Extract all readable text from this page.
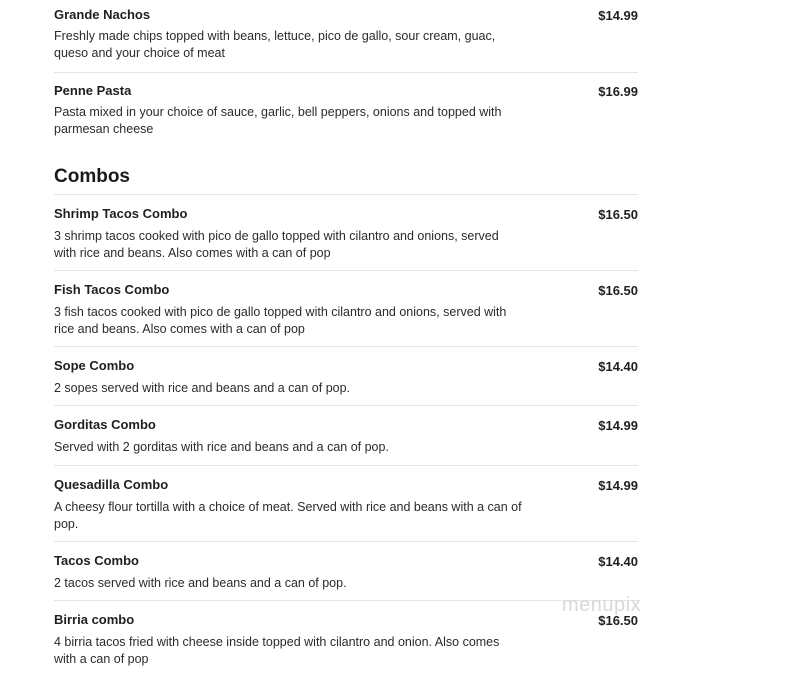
Grande Nachos	$14.99
Freshly made chips topped with beans, lettuce, pico de gallo, sour cream, guac, queso and your choice of meat
Penne Pasta	$16.99
Pasta mixed in your choice of sauce, garlic, bell peppers, onions and topped with parmesan cheese
Combos
Shrimp Tacos Combo	$16.50
3 shrimp tacos cooked with pico de gallo topped with cilantro and onions, served with rice and beans. Also comes with a can of pop
Fish Tacos Combo	$16.50
3 fish tacos cooked with pico de gallo topped with cilantro and onions, served with rice and beans. Also comes with a can of pop
Sope Combo	$14.40
2 sopes served with rice and beans and a can of pop.
Gorditas Combo	$14.99
Served with 2 gorditas with rice and beans and a can of pop.
Quesadilla Combo	$14.99
A cheesy flour tortilla with a choice of meat. Served with rice and beans with a can of pop.
Tacos Combo	$14.40
2 tacos served with rice and beans and a can of pop.
Birria combo	$16.50
4 birria tacos fried with cheese inside topped with cilantro and onion. Also comes with a can of pop
menupix
